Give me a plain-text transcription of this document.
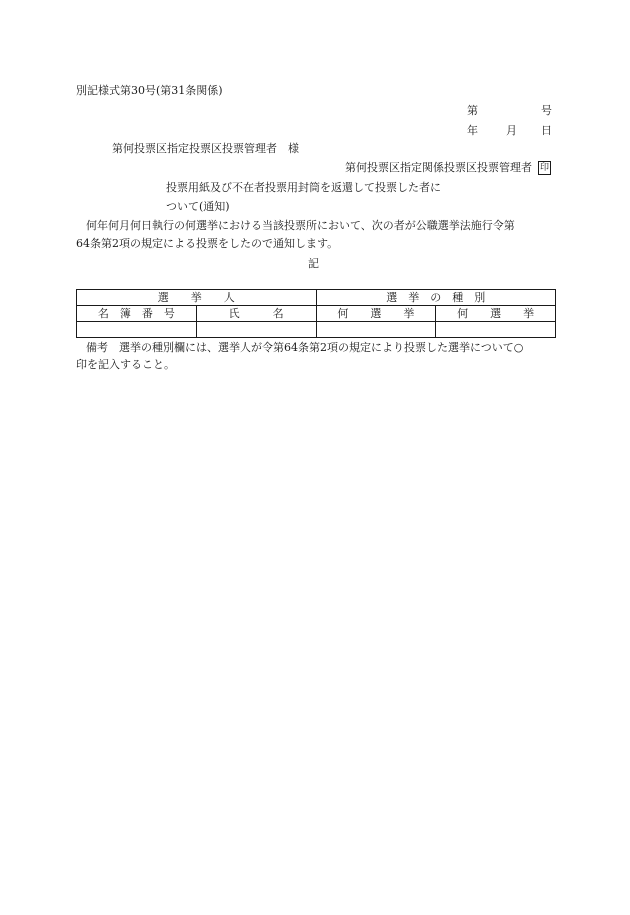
別記様式第30号(第31条関係)
第	号
年	月 日
第何投票区指定投票区投票管理者　様
第何投票区指定関係投票区投票管理者 印
投票用紙及び不在者投票用封筒を返還して投票した者に
ついて(通知)
何年何月何日執行の何選挙における当該投票所において、次の者が公職選挙法施行令第
64条第2項の規定による投票をしたので通知します。
記
選　　挙　　人		選　挙　の　種　別	
名　簿　番　号	氏　　　名	何　　選　　挙	何　　選　　挙

備考　選挙の種別欄には、選挙人が令第64条第2項の規定により投票した選挙について○
印を記入すること。
